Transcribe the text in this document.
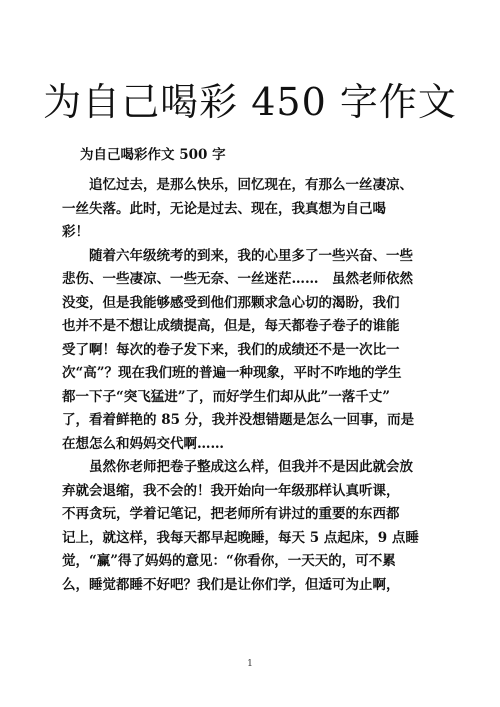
为自己喝彩 450 字作文
为自己喝彩作文 500 字
追忆过去，是那么快乐，回忆现在，有那么一丝凄凉、
一丝失落。此时，无论是过去、现在，我真想为自己喝
彩！
随着六年级统考的到来，我的心里多了一些兴奋、一些
悲伤、一些凄凉、一些无奈、一丝迷茫……　虽然老师依然
没变，但是我能够感受到他们那颗求急心切的渴盼，我们
也并不是不想让成绩提高，但是，每天都卷子卷子的谁能
受了啊！每次的卷子发下来，我们的成绩还不是一次比一
次“高”？现在我们班的普遍一种现象，平时不咋地的学生
都一下子“突飞猛进”了，而好学生们却从此”一落千丈”
了，看着鲜艳的 85 分，我并没想错题是怎么一回事，而是
在想怎么和妈妈交代啊……
虽然你老师把卷子整成这么样，但我并不是因此就会放
弃就会退缩，我不会的！我开始向一年级那样认真听课，
不再贪玩，学着记笔记，把老师所有讲过的重要的东西都
记上，就这样，我每天都早起晚睡，每天 5 点起床，9 点睡
觉，“赢”得了妈妈的意见：“你看你，一天天的，可不累
么，睡觉都睡不好吧？我们是让你们学，但适可为止啊，
1
